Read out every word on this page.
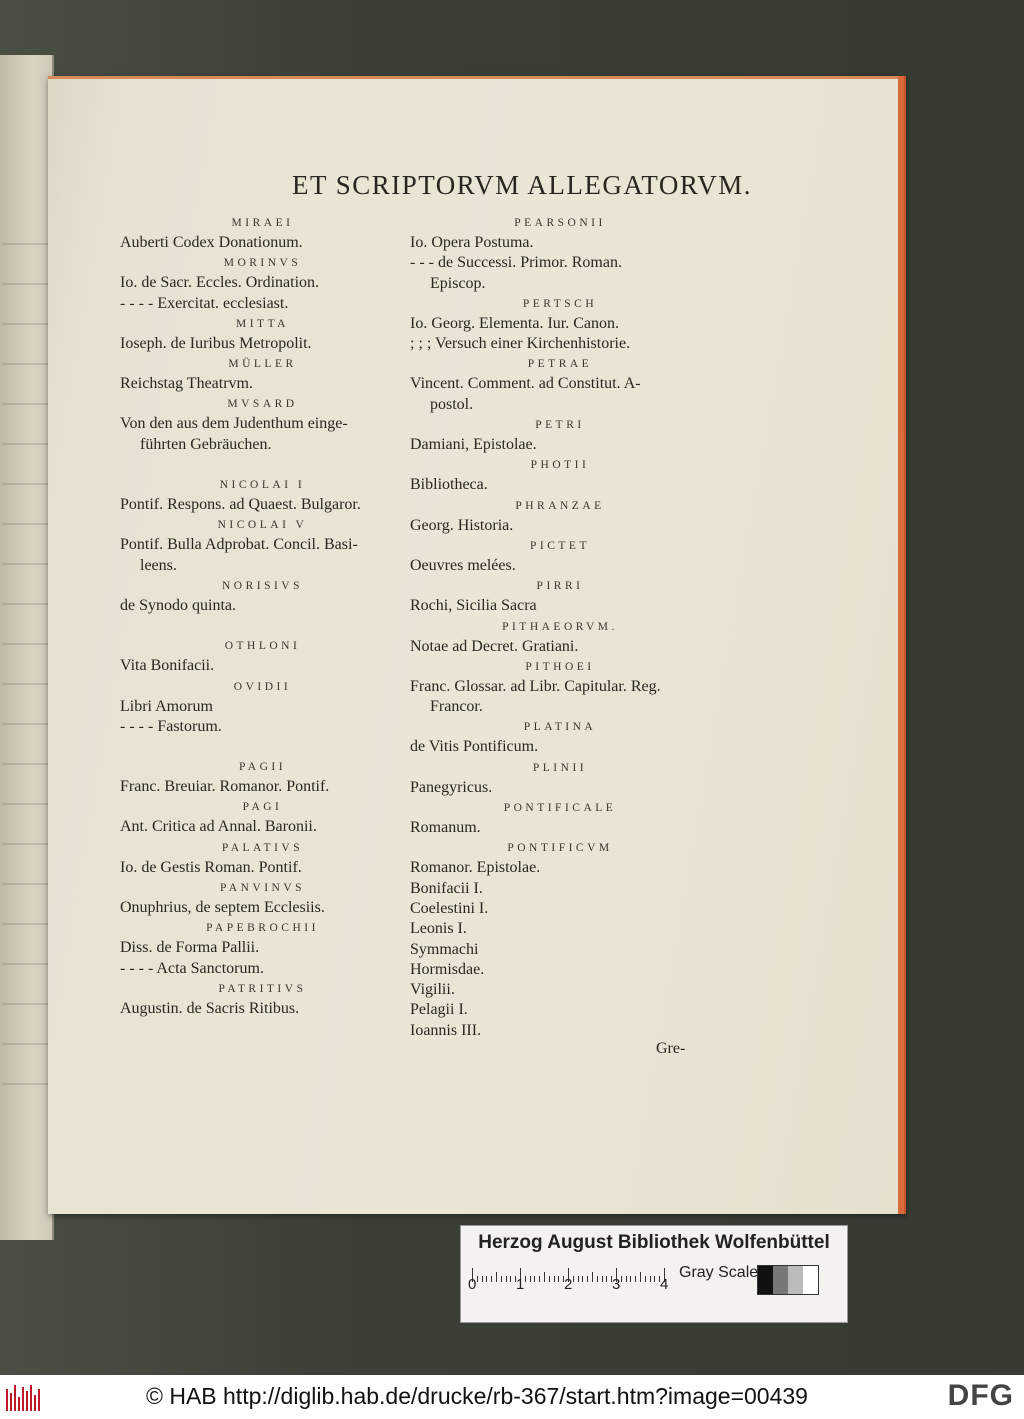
ET SCRIPTORVM ALLEGATORVM.
MIRAEI
Auberti Codex Donationum.
MORINVS
Io. de Sacr. Eccles. Ordination.
- - - - Exercitat. ecclesiast.
MITTA
Ioseph. de Iuribus Metropolit.
MÜLLER
Reichstag Theatrvm.
MVSARD
Von den aus dem Judenthum einge-
führten Gebräuchen.
NICOLAI I
Pontif. Respons. ad Quaest. Bulgaror.
NICOLAI V
Pontif. Bulla Adprobat. Concil. Basi-
leens.
NORISIVS
de Synodo quinta.
OTHLONI
Vita Bonifacii.
OVIDII
Libri Amorum
- - - - Fastorum.
PAGII
Franc. Breuiar. Romanor. Pontif.
PAGI
Ant. Critica ad Annal. Baronii.
PALATIVS
Io. de Gestis Roman. Pontif.
PANVINVS
Onuphrius, de septem Ecclesiis.
PAPEBROCHII
Diss. de Forma Pallii.
- - - - Acta Sanctorum.
PATRITIVS
Augustin. de Sacris Ritibus.
PEARSONII
Io. Opera Postuma.
- - - de Successi. Primor. Roman.
Episcop.
PERTSCH
Io. Georg. Elementa. Iur. Canon.
; ; ; Versuch einer Kirchenhistorie.
PETRAE
Vincent. Comment. ad Constitut. A-
postol.
PETRI
Damiani, Epistolae.
PHOTII
Bibliotheca.
PHRANZAE
Georg. Historia.
PICTET
Oeuvres melées.
PIRRI
Rochi, Sicilia Sacra
PITHAEORVM.
Notae ad Decret. Gratiani.
PITHOEI
Franc. Glossar. ad Libr. Capitular. Reg.
Francor.
PLATINA
de Vitis Pontificum.
PLINII
Panegyricus.
PONTIFICALE
Romanum.
PONTIFICVM
Romanor. Epistolae.
Bonifacii I.
Coelestini I.
Leonis I.
Symmachi
Hormisdae.
Vigilii.
Pelagii I.
Ioannis III.
Gre-
Herzog August Bibliothek Wolfenbüttel
0	1	2	3	4
Gray Scale
© HAB http://diglib.hab.de/drucke/rb-367/start.htm?image=00439	DFG
